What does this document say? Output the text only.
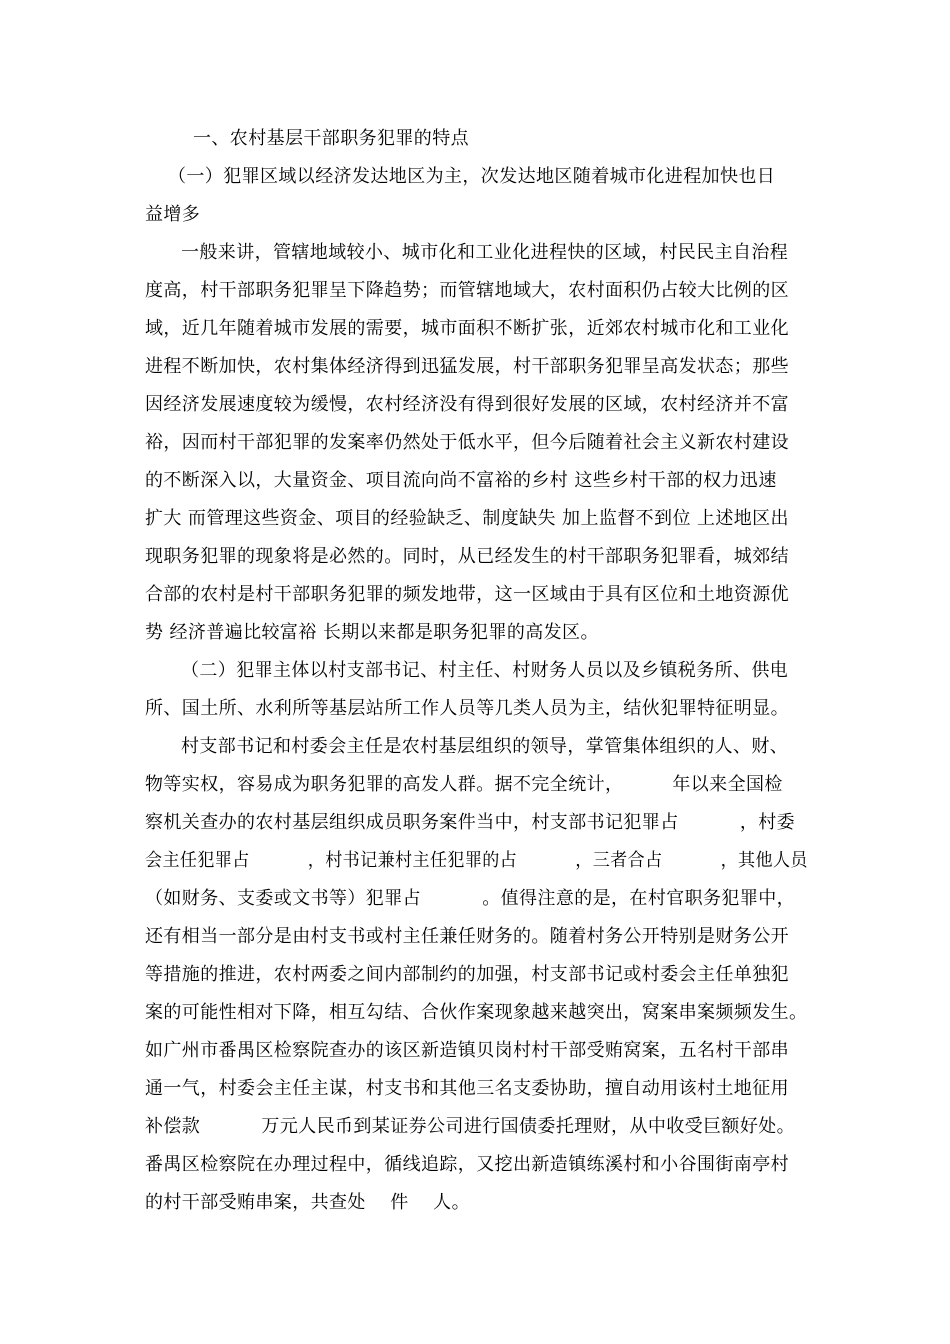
一、农村基层干部职务犯罪的特点
（一）犯罪区域以经济发达地区为主，次发达地区随着城市化进程加快也日
益增多
一般来讲，管辖地域较小、城市化和工业化进程快的区域，村民民主自治程
度高，村干部职务犯罪呈下降趋势；而管辖地域大，农村面积仍占较大比例的区
域，近几年随着城市发展的需要，城市面积不断扩张，近郊农村城市化和工业化
进程不断加快，农村集体经济得到迅猛发展，村干部职务犯罪呈高发状态；那些
因经济发展速度较为缓慢，农村经济没有得到很好发展的区域，农村经济并不富
裕，因而村干部犯罪的发案率仍然处于低水平，但今后随着社会主义新农村建设
的不断深入以，大量资金、项目流向尚不富裕的乡村 这些乡村干部的权力迅速
扩大 而管理这些资金、项目的经验缺乏、制度缺失 加上监督不到位 上述地区出
现职务犯罪的现象将是必然的。同时，从已经发生的村干部职务犯罪看，城郊结
合部的农村是村干部职务犯罪的频发地带，这一区域由于具有区位和土地资源优
势 经济普遍比较富裕 长期以来都是职务犯罪的高发区。
（二）犯罪主体以村支部书记、村主任、村财务人员以及乡镇税务所、供电
所、国土所、水利所等基层站所工作人员等几类人员为主，结伙犯罪特征明显。
村支部书记和村委会主任是农村基层组织的领导，掌管集体组织的人、财、
物等实权，容易成为职务犯罪的高发人群。据不完全统计，        年以来全国检
察机关查办的农村基层组织成员职务案件当中，村支部书记犯罪占          ，村委
会主任犯罪占          ，村书记兼村主任犯罪的占          ，三者合占          ，其他人员
（如财务、支委或文书等）犯罪占          。值得注意的是，在村官职务犯罪中，
还有相当一部分是由村支书或村主任兼任财务的。随着村务公开特别是财务公开
等措施的推进，农村两委之间内部制约的加强，村支部书记或村委会主任单独犯
案的可能性相对下降，相互勾结、合伙作案现象越来越突出，窝案串案频频发生。
如广州市番禺区检察院查办的该区新造镇贝岗村村干部受贿窝案，五名村干部串
通一气，村委会主任主谋，村支书和其他三名支委协助，擅自动用该村土地征用
补偿款          万元人民币到某证券公司进行国债委托理财，从中收受巨额好处。
番禺区检察院在办理过程中，循线追踪，又挖出新造镇练溪村和小谷围街南亭村
的村干部受贿串案，共查处    件    人。
